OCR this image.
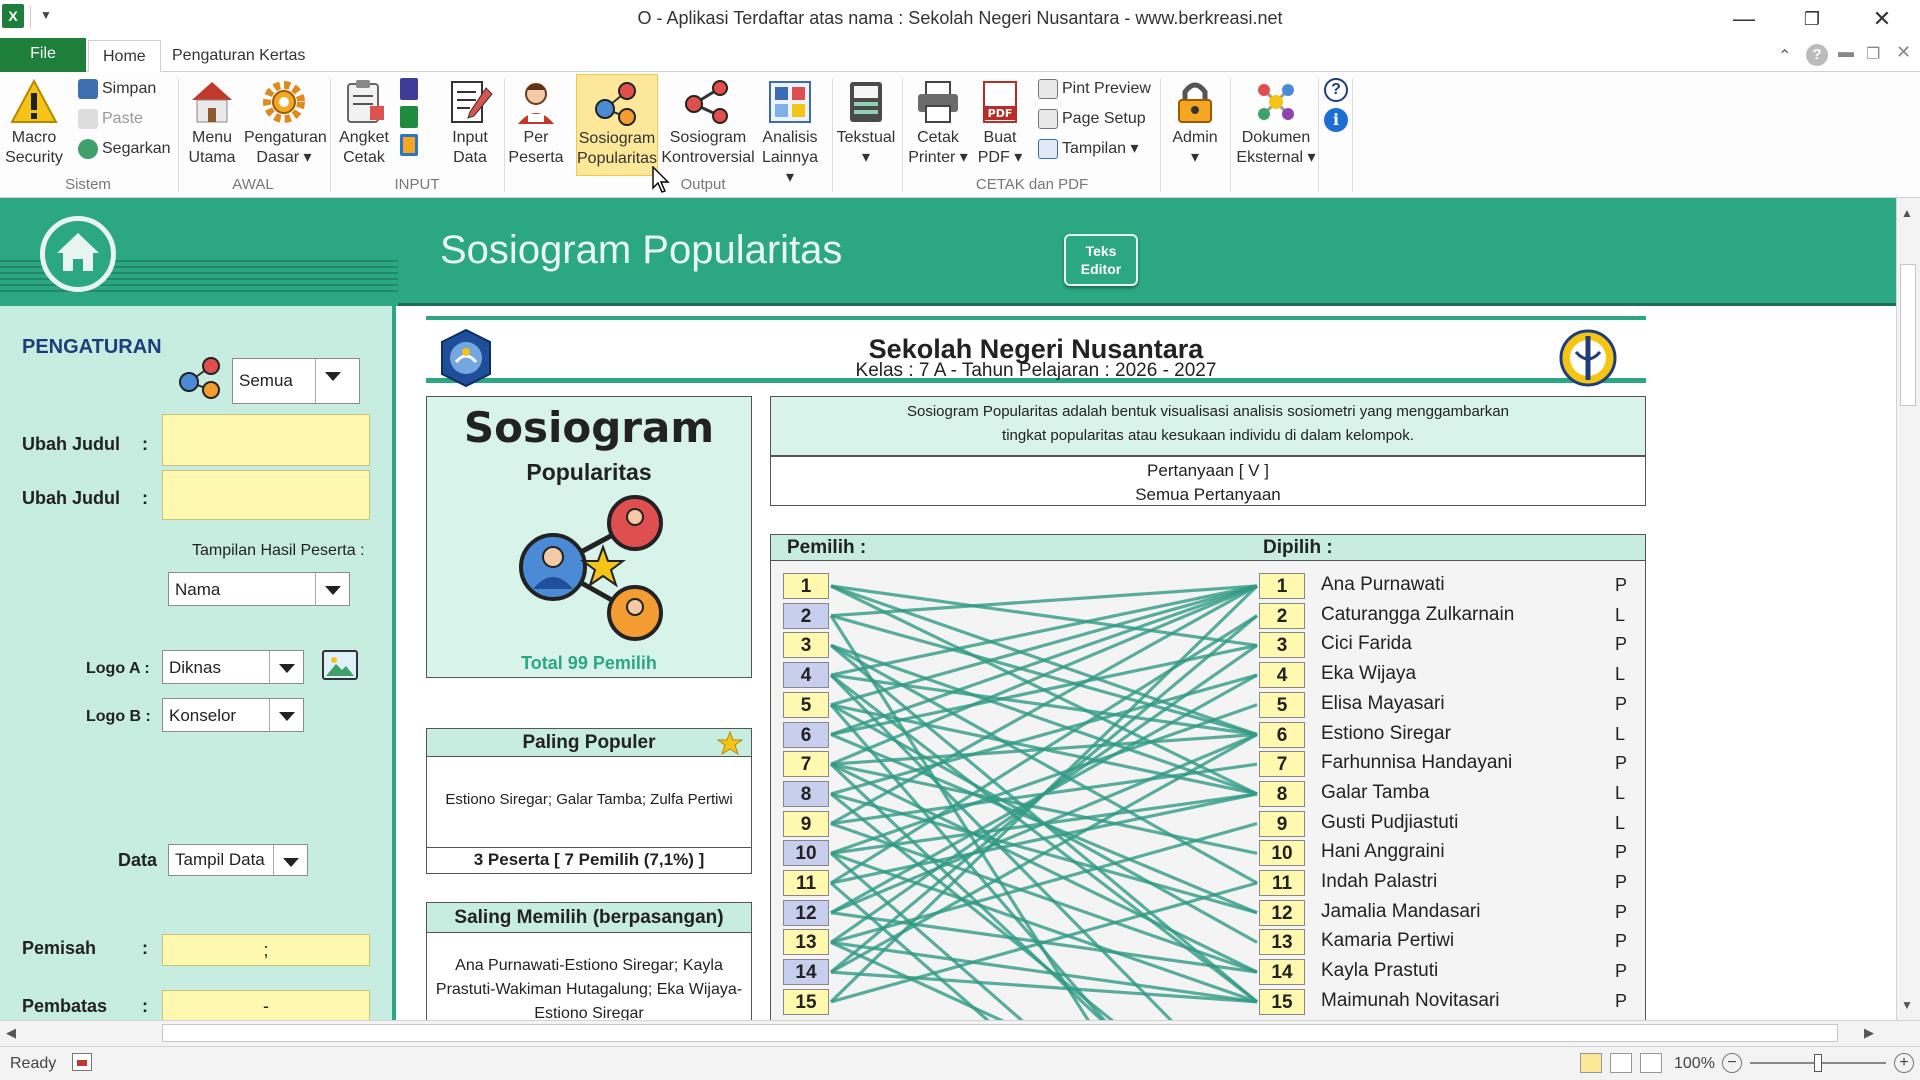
X	▼	O - Aplikasi Terdaftar atas nama : Sekolah Negeri Nusantara - www.berkreasi.net	—	❐	✕
File	Home	Pengaturan Kertas	⌃	?	▬ ❐ ✕
Macro
Security
Simpan
Paste
Segarkan
Sistem
Menu
Utama
Pengaturan
Dasar ▾
AWAL
Angket
Cetak
Input
Data
INPUT
Per
Peserta
Sosiogram
Popularitas
Sosiogram
Kontroversial
Analisis
Lainnya ▾
Output
Tekstual
▾
Cetak
Printer ▾
PDF
Buat
PDF ▾
Pint Preview
Page Setup
Tampilan ▾
CETAK dan PDF
Admin
▾
Dokumen
Eksternal ▾
?
i
Sosiogram Popularitas	Teks
Editor
PENGATURAN
Semua
Ubah Judul :
Ubah Judul :
Tampilan Hasil Peserta :
Nama
Logo A :	Diknas
Logo B :	Konselor
Data	Tampil Data
Pemisah	:	;
Pembatas :	-
Sekolah Negeri Nusantara
Kelas : 7 A - Tahun Pelajaran : 2026 - 2027
Sosiogram
Popularitas
Total 99 Pemilih
Sosiogram Popularitas adalah bentuk visualisasi analisis sosiometri yang menggambarkan
tingkat popularitas atau kesukaan individu di dalam kelompok.
Pertanyaan [ V ]
Semua Pertanyaan
Paling Populer
Estiono Siregar; Galar Tamba; Zulfa Pertiwi
3 Peserta [ 7 Pemilih (7,1%) ]
Saling Memilih (berpasangan)
Ana Purnawati-Estiono Siregar; Kayla
Prastuti-Wakiman Hutagalung; Eka Wijaya-
Estiono Siregar
Pemilih :	Dipilih :
1
2
3
4
5
6
7
8
9
10
11
12
13
14
15
1	Ana Purnawati	P
2	Caturangga Zulkarnain	L
3	Cici Farida	P
4	Eka Wijaya	L
5	Elisa Mayasari	P
6	Estiono Siregar	L
7	Farhunnisa Handayani	P
8	Galar Tamba	L
9	Gusti Pudjiastuti	L
10	Hani Anggraini	P
11	Indah Palastri	P
12	Jamalia Mandasari	P
13	Kamaria Pertiwi	P
14	Kayla Prastuti	P
15	Maimunah Novitasari	P
▲
▼
◀	▶
Ready	100% −	+
